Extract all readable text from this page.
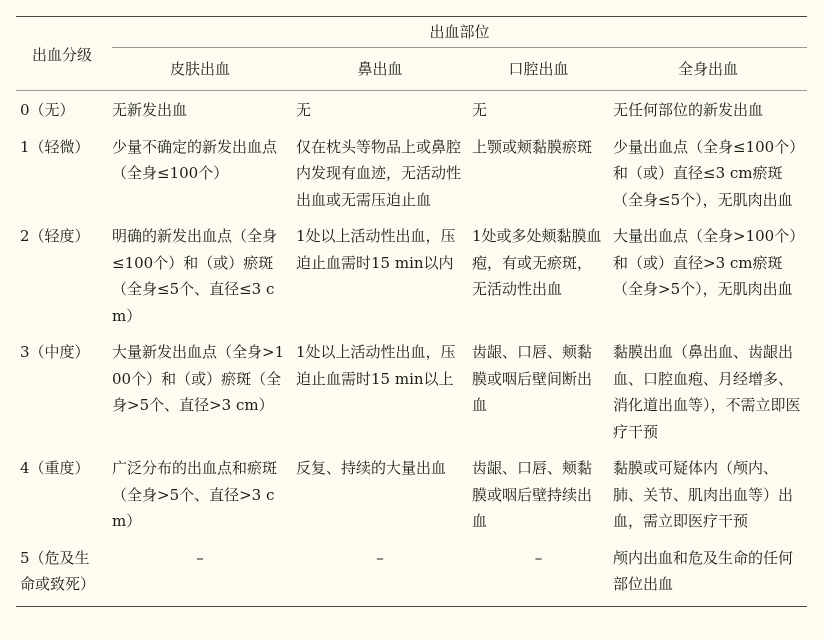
出血分级	出血部位			

	皮肤出血	鼻出血	口腔出血	全身出血
0（无）	无新发出血	无	无	无任何部位的新发出血
1（轻微）	少量不确定的新发出血点（全身≤100个）	仅在枕头等物品上或鼻腔内发现有血迹，无活动性出血或无需压迫止血	上颚或颊黏膜瘀斑	少量出血点（全身≤100个）和（或）直径≤3 cm瘀斑（全身≤5个），无肌肉出血
2（轻度）	明确的新发出血点（全身≤100个）和（或）瘀斑（全身≤5个、直径≤3 cm）	1处以上活动性出血，压迫止血需时15 min以内	1处或多处颊黏膜血疱，有或无瘀斑，无活动性出血	大量出血点（全身>100个）和（或）直径>3 cm瘀斑（全身>5个），无肌肉出血
3（中度）	大量新发出血点（全身>100个）和（或）瘀斑（全身>5个、直径>3 cm）	1处以上活动性出血，压迫止血需时15 min以上	齿龈、口唇、颊黏膜或咽后壁间断出血	黏膜出血（鼻出血、齿龈出血、口腔血疱、月经增多、消化道出血等），不需立即医疗干预
4（重度）	广泛分布的出血点和瘀斑（全身>5个、直径>3 cm）	反复、持续的大量出血	齿龈、口唇、颊黏膜或咽后壁持续出血	黏膜或可疑体内（颅内、肺、关节、肌肉出血等）出血，需立即医疗干预
5（危及生命或致死）	–	–	–	颅内出血和危及生命的任何部位出血
